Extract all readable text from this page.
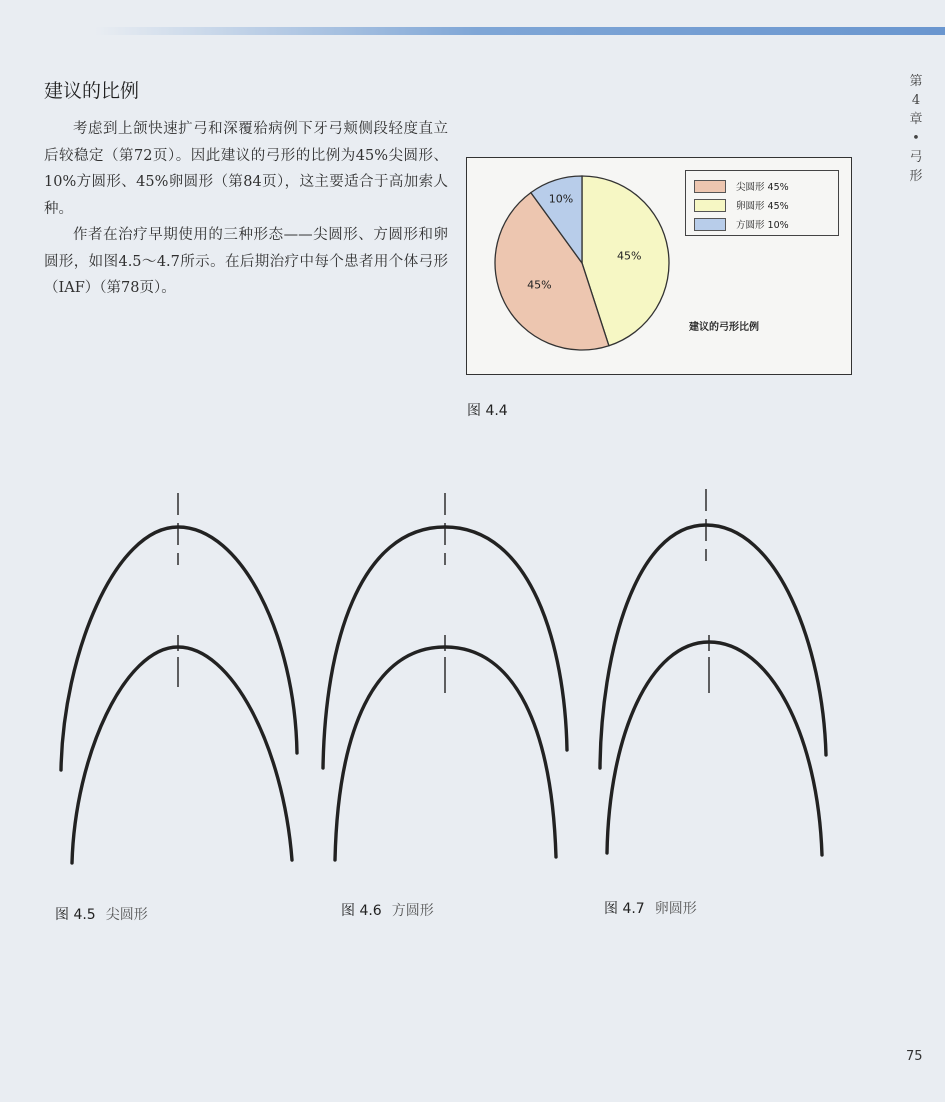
建议的比例

考虑到上颌快速扩弓和深覆𬌗病例下牙弓颊侧段轻度直立后较稳定（第72页）。因此建议的弓形的比例为45%尖圆形、10%方圆形、45%卵圆形（第84页），这主要适合于高加索人种。

作者在治疗早期使用的三种形态——尖圆形、方圆形和卵圆形，如图4.5～4.7所示。在后期治疗中每个患者用个体弓形（IAF）（第78页）。

第
4
章
•
弓
形
45%
45%
10%
尖圆形 45%
卵圆形 45%
方圆形 10%
建议的弓形比例
图 4.4
图 4.5 尖圆形	图 4.6 方圆形	图 4.7 卵圆形
75
